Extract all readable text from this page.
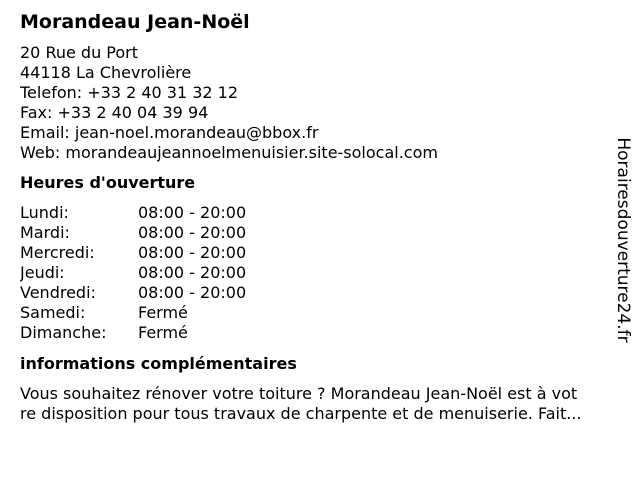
Morandeau Jean-Noël
20 Rue du Port
44118 La Chevrolière
Telefon: +33 2 40 31 32 12
Fax: +33 2 40 04 39 94
Email: jean-noel.morandeau@bbox.fr
Web: morandeaujeannoelmenuisier.site-solocal.com
Heures d'ouverture
Lundi:	08:00 - 20:00
Mardi:	08:00 - 20:00
Mercredi:	08:00 - 20:00
Jeudi:	08:00 - 20:00
Vendredi:	08:00 - 20:00
Samedi:	Fermé
Dimanche:	Fermé
informations complémentaires
Vous souhaitez rénover votre toiture ? Morandeau Jean-Noël est à vot
re disposition pour tous travaux de charpente et de menuiserie. Fait...
Horairesdouverture24.fr
